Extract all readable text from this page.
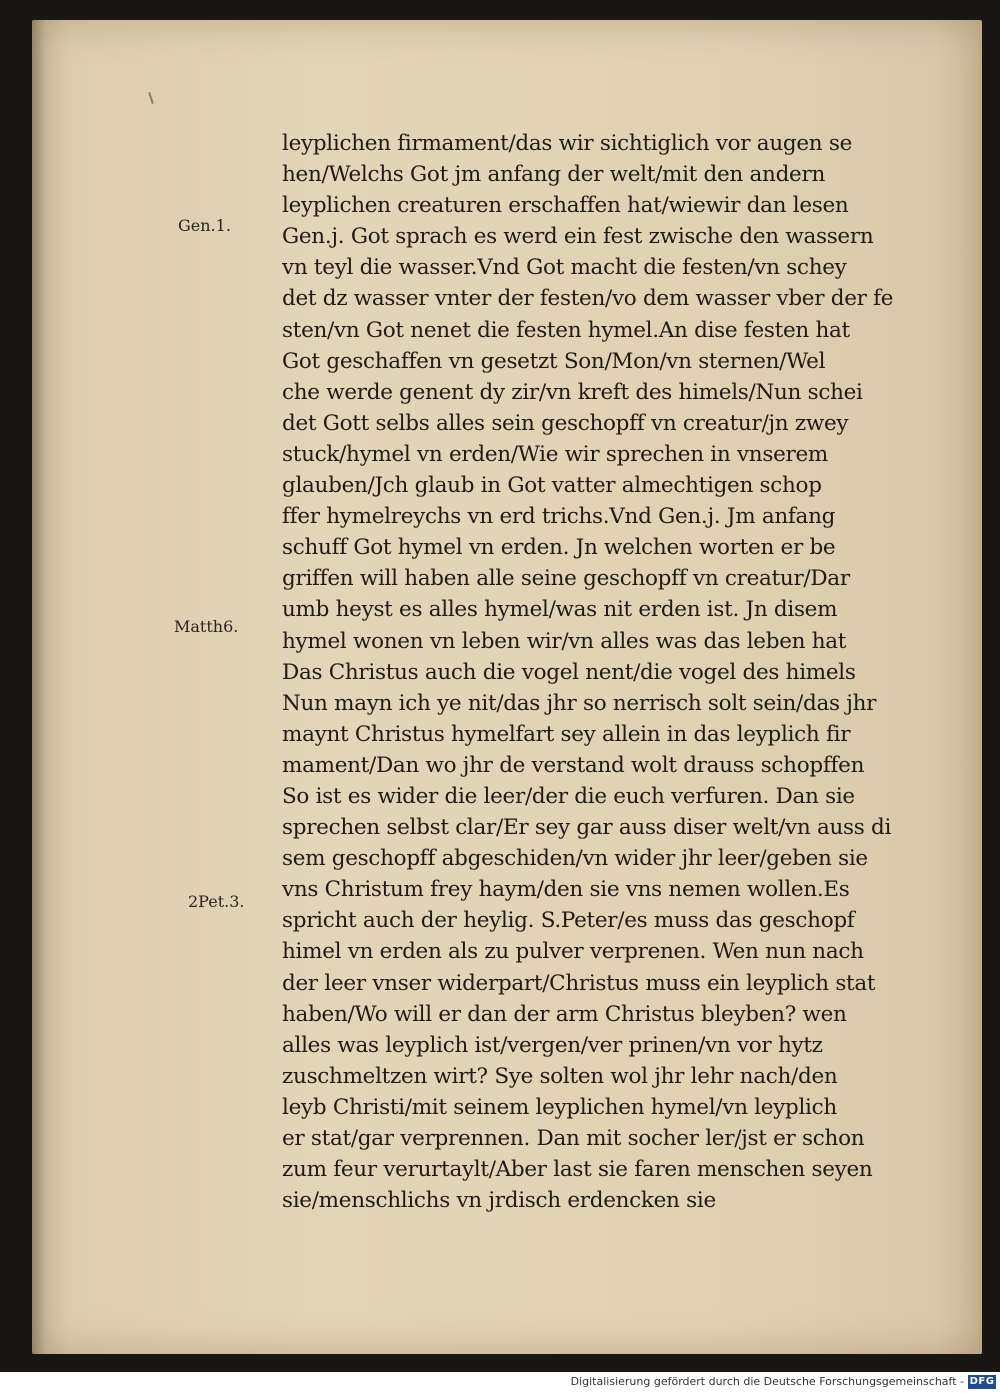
Gen.1.
Matth6.
2Pet.3.
leyplichen firmament/das wir sichtiglich vor augen se
hen/Welchs Got jm anfang der welt/mit den andern
leyplichen creaturen erschaffen hat/wiewir dan lesen
Gen.j. Got sprach es werd ein fest zwische den wassern
vn teyl die wasser.Vnd Got macht die festen/vn schey
det dz wasser vnter der festen/vo dem wasser vber der fe
sten/vn Got nenet die festen hymel.An dise festen hat
Got geschaffen vn gesetzt Son/Mon/vn sternen/Wel
che werde genent dy zir/vn kreft des himels/Nun schei
det Gott selbs alles sein geschopff vn creatur/jn zwey
stuck/hymel vn erden/Wie wir sprechen in vnserem
glauben/Jch glaub in Got vatter almechtigen schop
ffer hymelreychs vn erd trichs.Vnd Gen.j. Jm anfang
schuff Got hymel vn erden. Jn welchen worten er be
griffen will haben alle seine geschopff vn creatur/Dar
umb heyst es alles hymel/was nit erden ist. Jn disem
hymel wonen vn leben wir/vn alles was das leben hat
Das Christus auch die vogel nent/die vogel des himels
Nun mayn ich ye nit/das jhr so nerrisch solt sein/das jhr
maynt Christus hymelfart sey allein in das leyplich fir
mament/Dan wo jhr de verstand wolt drauss schopffen
So ist es wider die leer/der die euch verfuren. Dan sie
sprechen selbst clar/Er sey gar auss diser welt/vn auss di
sem geschopff abgeschiden/vn wider jhr leer/geben sie
vns Christum frey haym/den sie vns nemen wollen.Es
spricht auch der heylig. S.Peter/es muss das geschopf
himel vn erden als zu pulver verprenen. Wen nun nach
der leer vnser widerpart/Christus muss ein leyplich stat
haben/Wo will er dan der arm Christus bleyben? wen
alles was leyplich ist/vergen/ver prinen/vn vor hytz
zuschmeltzen wirt? Sye solten wol jhr lehr nach/den
leyb Christi/mit seinem leyplichen hymel/vn leyplich
er stat/gar verprennen. Dan mit socher ler/jst er schon
zum feur verurtaylt/Aber last sie faren menschen seyen
sie/menschlichs vn jrdisch erdencken sie
Digitalisierung gefördert durch die Deutsche Forschungsgemeinschaft - DFG
